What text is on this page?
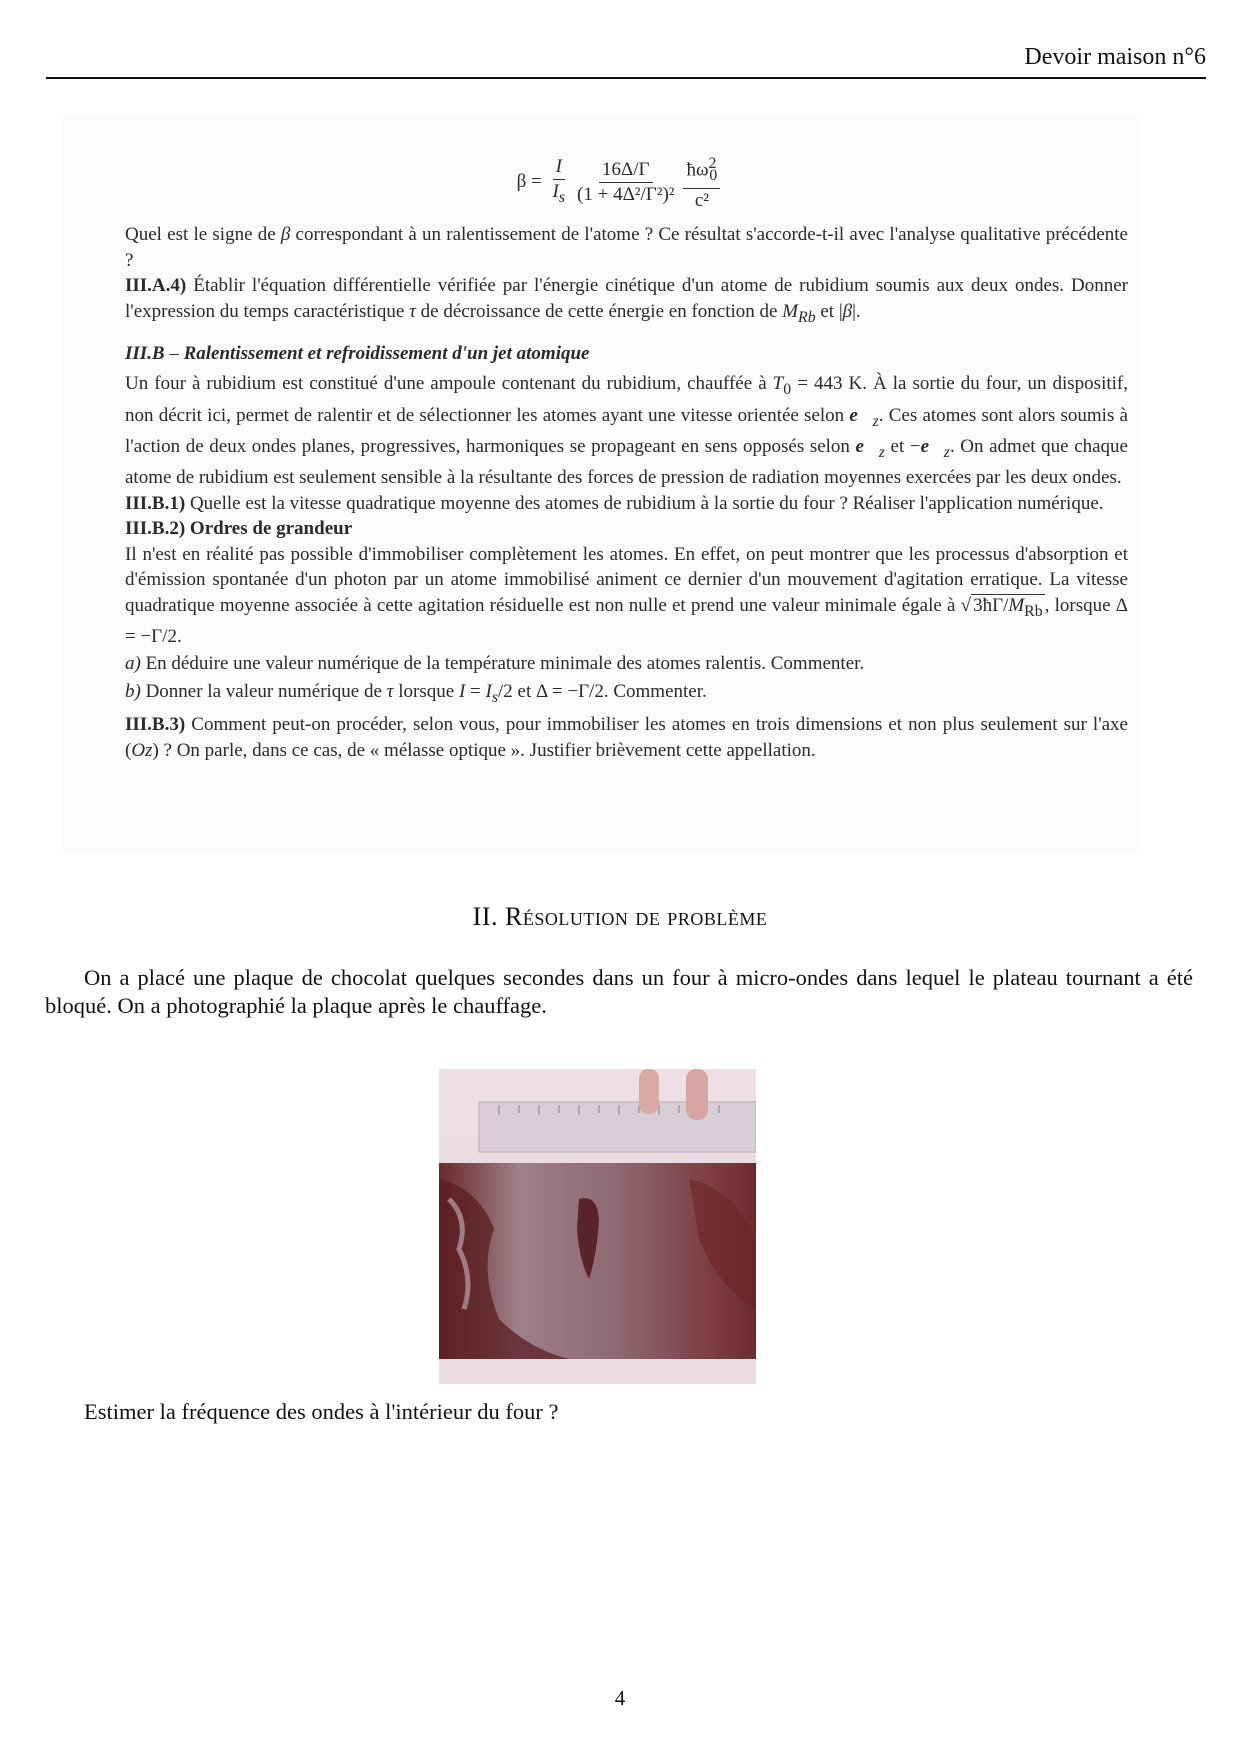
Devoir maison n°6
$\beta = \frac{I}{I_s} \frac{16\Delta/\Gamma}{\text{(1 + 4Δ²/Γ²)²}} \frac{ħ\omega^2_0}{\text{c²}}$

Quel est le signe de β correspondant à un ralentissement de l'atome ? Ce résultat s'accorde-t-il avec l'analyse qualitative précédente ?

III.A.4) Établir l'équation différentielle vérifiée par l'énergie cinétique d'un atome de rubidium soumis aux deux ondes. Donner l'expression du temps caractéristique τ de décroissance de cette énergie en fonction de $M_{Rb}$ et |β|.

III.B – Ralentissement et refroidissement d'un jet atomique

Un four à rubidium est constitué d'une ampoule contenant du rubidium, chauffée à $T_0 = 443$ K. À la sortie du four, un dispositif, non décrit ici, permet de ralentir et de sélectionner les atomes ayant une vitesse orientée selon $e⃗_z$. Ces atomes sont alors soumis à l'action de deux ondes planes, progressives, harmoniques se propageant en sens opposés selon $e⃗_z$ et $-e⃗_z$. On admet que chaque atome de rubidium est seulement sensible à la résultante des forces de pression de radiation moyennes exercées par les deux ondes.

III.B.1) Quelle est la vitesse quadratique moyenne des atomes de rubidium à la sortie du four ? Réaliser l'application numérique.

III.B.2) Ordres de grandeur

Il n'est en réalité pas possible d'immobiliser complètement les atomes. En effet, on peut montrer que les processus d'absorption et d'émission spontanée d'un photon par un atome immobilisé animent ce dernier d'un mouvement d'agitation erratique. La vitesse quadratique moyenne associée à cette agitation résiduelle est non nulle et prend une valeur minimale égale à √ $3ħ\Gamma/M_{Rb}$ , lorsque Δ = −Γ/2.

a) En déduire une valeur numérique de la température minimale des atomes ralentis. Commenter.

b) Donner la valeur numérique de τ lorsque $I = I_s/2$ et Δ = −Γ/2. Commenter.

III.B.3) Comment peut-on procéder, selon vous, pour immobiliser les atomes en trois dimensions et non plus seulement sur l'axe (Oz) ? On parle, dans ce cas, de « mélasse optique ». Justifier brièvement cette appellation.

II. Résolution de problème

On a placé une plaque de chocolat quelques secondes dans un four à micro-ondes dans lequel le plateau tournant a été bloqué. On a photographié la plaque après le chauffage.

Estimer la fréquence des ondes à l'intérieur du four ?

4
